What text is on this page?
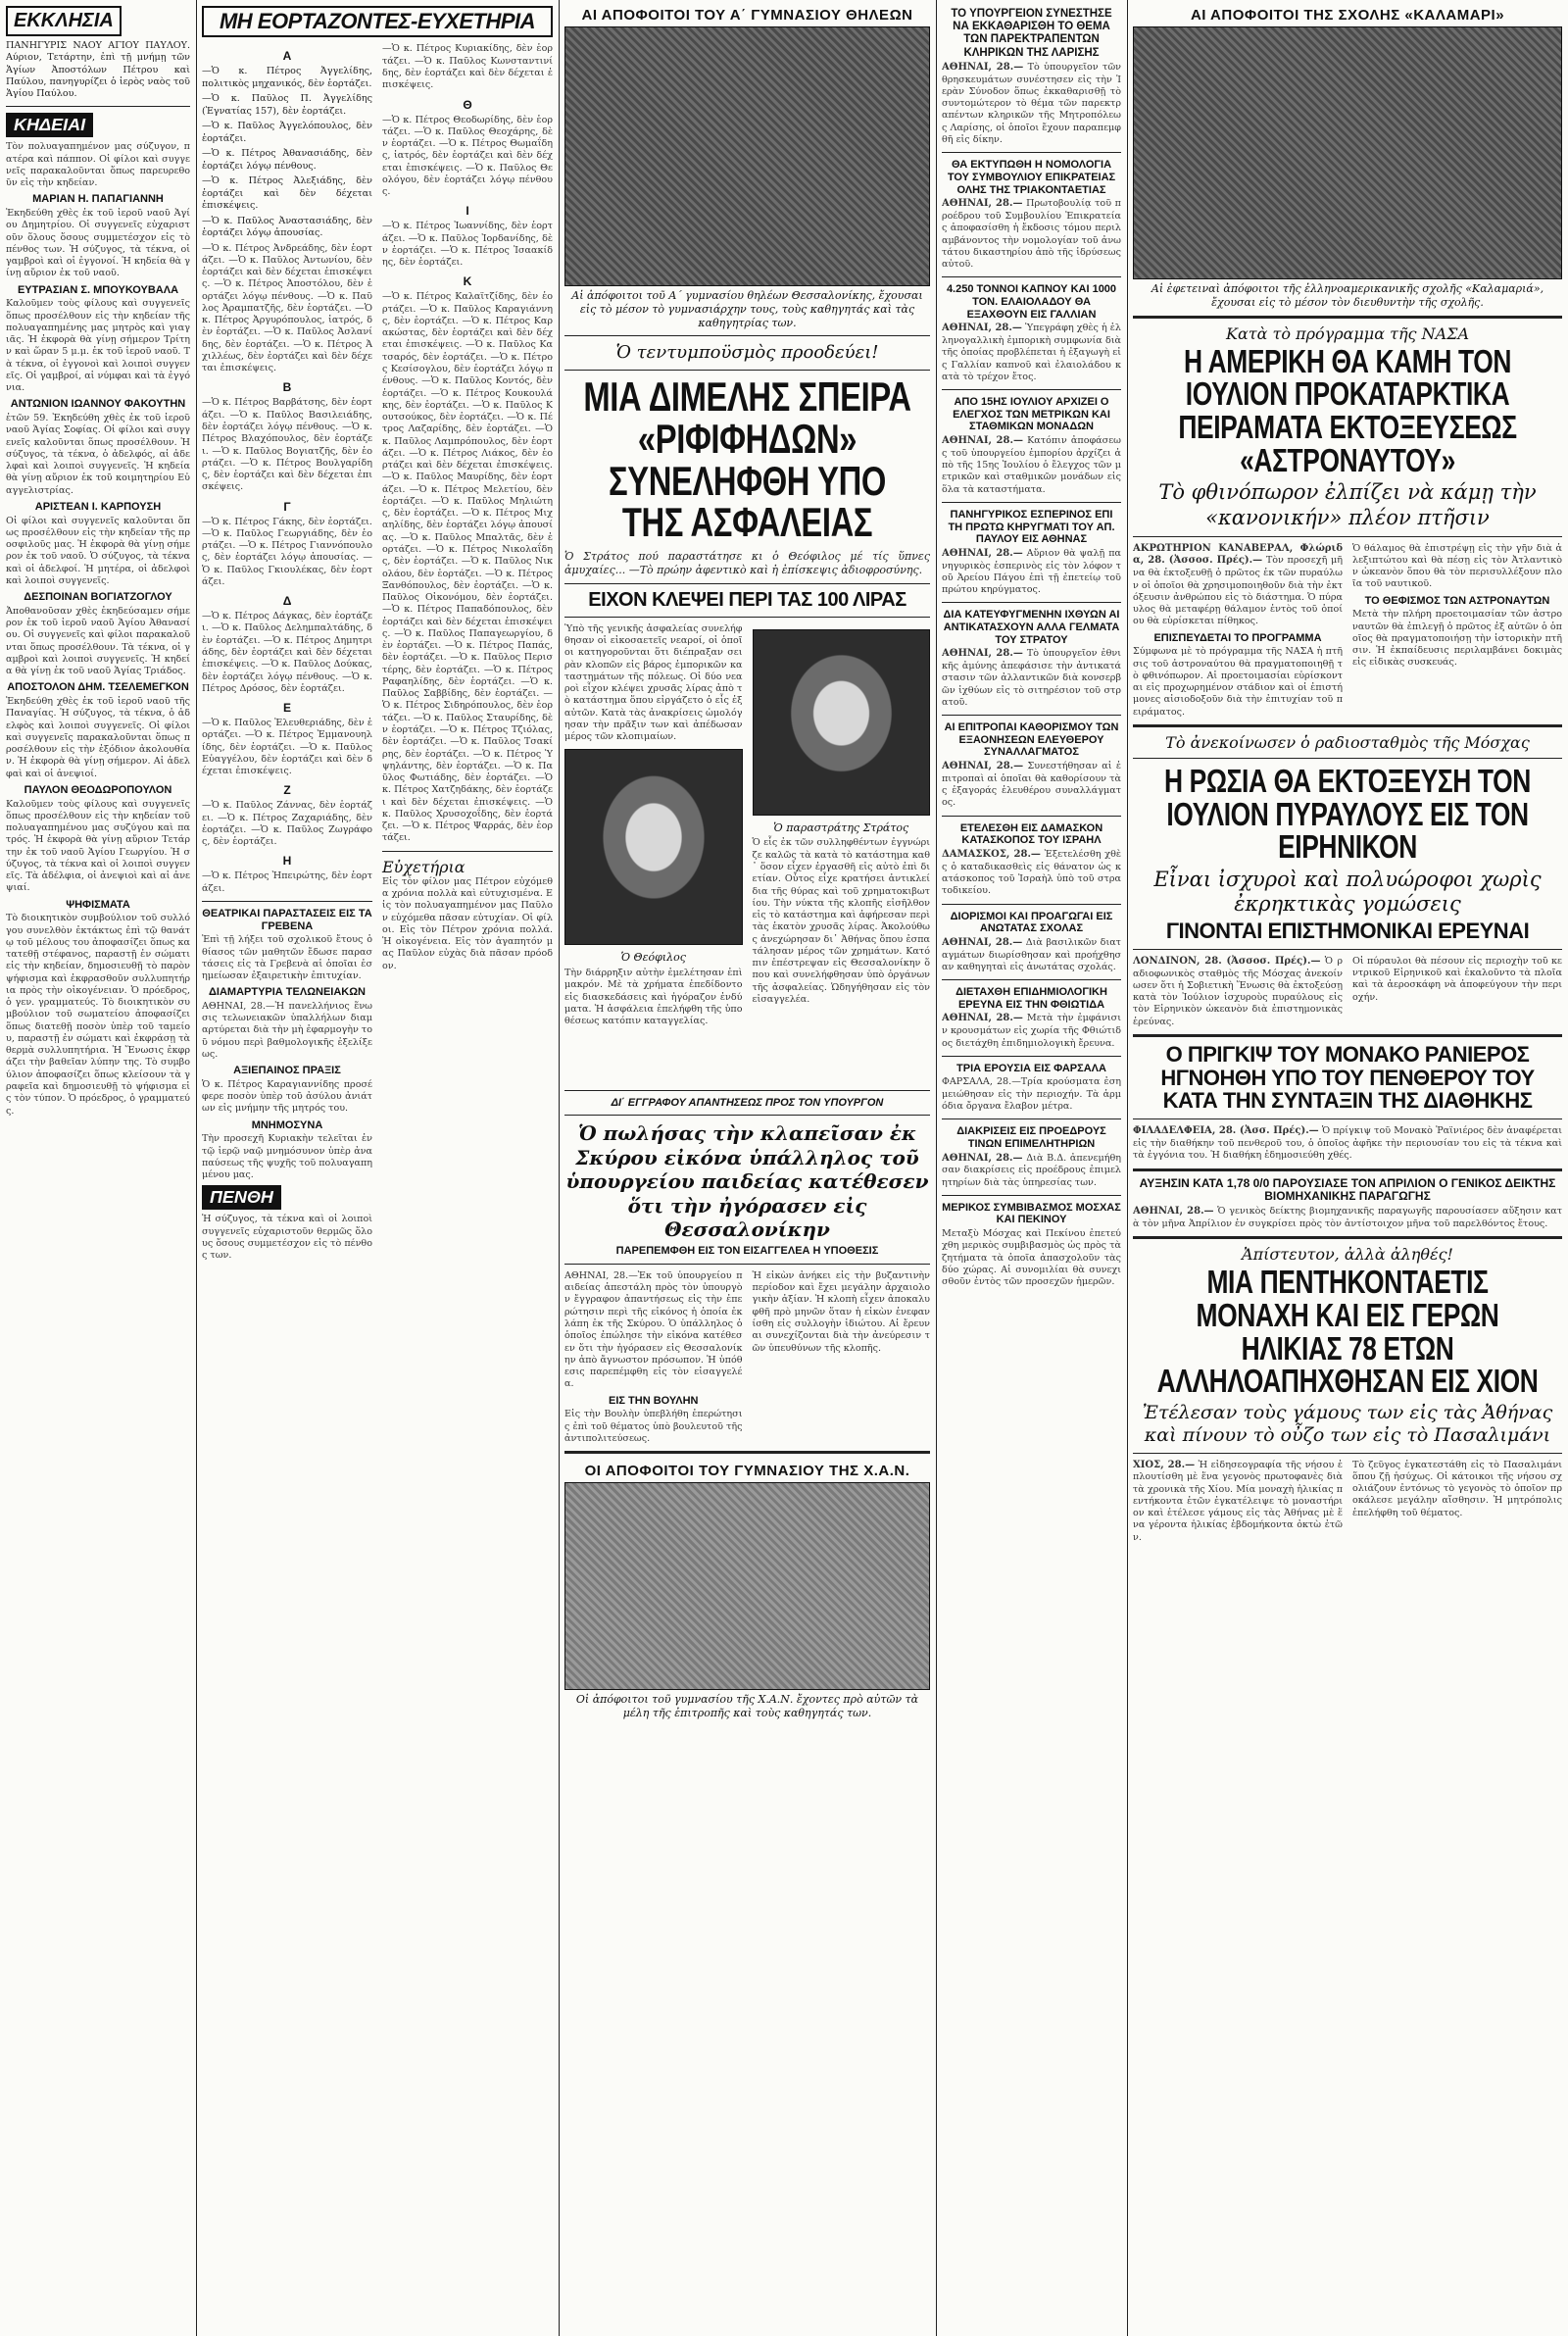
ΕΚΚΛΗΣΙΑ
ΠΑΝΗΓΥΡΙΣ ΝΑΟΥ ΑΓΙΟΥ ΠΑΥΛΟΥ. Αύριον, Τετάρτην, ἐπὶ τῇ μνήμῃ τῶν Ἁγίων Ἀποστόλων Πέτρου καὶ Παύλου, πανηγυρίζει ὁ ἱερὸς ναὸς τοῦ Ἁγίου Παύλου.
ΚΗΔΕΙΑΙ
Τὸν πολυαγαπημένον μας σύζυγον, πατέρα καὶ πάππον. Οἱ φίλοι καὶ συγγενεῖς παρακαλοῦνται ὅπως παρευρεθοῦν εἰς τὴν κηδείαν.
ΜΑΡΙΑΝ Η. ΠΑΠΑΓΙΑΝΝΗ
Ἐκηδεύθη χθὲς ἐκ τοῦ ἱεροῦ ναοῦ Ἁγίου Δημητρίου. Οἱ συγγενεῖς εὐχαριστοῦν ὅλους ὅσους συμμετέσχον εἰς τὸ πένθος των. Ἡ σύζυγος, τὰ τέκνα, οἱ γαμβροὶ καὶ οἱ ἐγγονοί. Ἡ κηδεία θὰ γίνῃ αὔριον ἐκ τοῦ ναοῦ.
ΕΥΤΡΑΣΙΑΝ Σ. ΜΠΟΥΚΟΥΒΑΛΑ
Καλοῦμεν τοὺς φίλους καὶ συγγενεῖς ὅπως προσέλθουν εἰς τὴν κηδείαν τῆς πολυαγαπημένης μας μητρὸς καὶ γιαγιᾶς. Ἡ ἐκφορὰ θὰ γίνῃ σήμερον Τρίτην καὶ ὥραν 5 μ.μ. ἐκ τοῦ ἱεροῦ ναοῦ. Τὰ τέκνα, οἱ ἐγγονοὶ καὶ λοιποὶ συγγενεῖς. Οἱ γαμβροί, αἱ νύμφαι καὶ τὰ ἐγγόνια.
ΑΝΤΩΝΙΟΝ ΙΩΑΝΝΟΥ ΦΑΚΟΥΤΗΝ
ἐτῶν 59. Ἐκηδεύθη χθὲς ἐκ τοῦ ἱεροῦ ναοῦ Ἁγίας Σοφίας. Οἱ φίλοι καὶ συγγενεῖς καλοῦνται ὅπως προσέλθουν. Ἡ σύζυγος, τὰ τέκνα, ὁ ἀδελφός, αἱ ἀδελφαὶ καὶ λοιποὶ συγγενεῖς. Ἡ κηδεία θὰ γίνῃ αὔριον ἐκ τοῦ κοιμητηρίου Εὐαγγελιστρίας.
ΑΡΙΣΤΕΑΝ Ι. ΚΑΡΠΟΥΣΗ
Οἱ φίλοι καὶ συγγενεῖς καλοῦνται ὅπως προσέλθουν εἰς τὴν κηδείαν τῆς προσφιλοῦς μας. Ἡ ἐκφορὰ θὰ γίνῃ σήμερον ἐκ τοῦ ναοῦ. Ὁ σύζυγος, τὰ τέκνα καὶ οἱ ἀδελφοί. Ἡ μητέρα, οἱ ἀδελφοὶ καὶ λοιποὶ συγγενεῖς.
ΔΕΣΠΟΙΝΑΝ ΒΟΓΙΑΤΖΟΓΛΟΥ
Ἀποθανοῦσαν χθὲς ἐκηδεύσαμεν σήμερον ἐκ τοῦ ἱεροῦ ναοῦ Ἁγίου Ἀθανασίου. Οἱ συγγενεῖς καὶ φίλοι παρακαλοῦνται ὅπως προσέλθουν. Τὰ τέκνα, οἱ γαμβροὶ καὶ λοιποὶ συγγενεῖς. Ἡ κηδεία θὰ γίνῃ ἐκ τοῦ ναοῦ Ἁγίας Τριάδος.
ΑΠΟΣΤΟΛΟΝ ΔΗΜ. ΤΣΕΛΕΜΕΓΚΟΝ
Ἐκηδεύθη χθὲς ἐκ τοῦ ἱεροῦ ναοῦ τῆς Παναγίας. Ἡ σύζυγος, τὰ τέκνα, ὁ ἀδελφὸς καὶ λοιποὶ συγγενεῖς. Οἱ φίλοι καὶ συγγενεῖς παρακαλοῦνται ὅπως προσέλθουν εἰς τὴν ἐξόδιον ἀκολουθίαν. Ἡ ἐκφορὰ θὰ γίνῃ σήμερον. Αἱ ἀδελφαὶ καὶ οἱ ἀνεψιοί.
ΠΑΥΛΟΝ ΘΕΟΔΩΡΟΠΟΥΛΟΝ
Καλοῦμεν τοὺς φίλους καὶ συγγενεῖς ὅπως προσέλθουν εἰς τὴν κηδείαν τοῦ πολυαγαπημένου μας συζύγου καὶ πατρός. Ἡ ἐκφορὰ θὰ γίνῃ αὔριον Τετάρτην ἐκ τοῦ ναοῦ Ἁγίου Γεωργίου. Ἡ σύζυγος, τὰ τέκνα καὶ οἱ λοιποὶ συγγενεῖς. Τὰ ἀδέλφια, οἱ ἀνεψιοὶ καὶ αἱ ἀνεψιαί.
ΨΗΦΙΣΜΑΤΑ
Τὸ διοικητικὸν συμβούλιον τοῦ συλλόγου συνελθὸν ἐκτάκτως ἐπὶ τῷ θανάτῳ τοῦ μέλους του ἀποφασίζει ὅπως κατατεθῇ στέφανος, παραστῇ ἐν σώματι εἰς τὴν κηδείαν, δημοσιευθῇ τὸ παρὸν ψήφισμα καὶ ἐκφρασθοῦν συλλυπητήρια πρὸς τὴν οἰκογένειαν. Ὁ πρόεδρος, ὁ γεν. γραμματεύς. Τὸ διοικητικὸν συμβούλιον τοῦ σωματείου ἀποφασίζει ὅπως διατεθῇ ποσὸν ὑπὲρ τοῦ ταμείου, παραστῇ ἐν σώματι καὶ ἐκφράσῃ τὰ θερμὰ συλλυπητήρια. Ἡ Ἕνωσις ἐκφράζει τὴν βαθεῖαν λύπην της. Τὸ συμβούλιον ἀποφασίζει ὅπως κλείσουν τὰ γραφεῖα καὶ δημοσιευθῇ τὸ ψήφισμα εἰς τὸν τύπον. Ὁ πρόεδρος, ὁ γραμματεύς.
ΜΗ ΕΟΡΤΑΖΟΝΤΕΣ-ΕΥΧΕΤΗΡΙΑ
Α
—Ὁ κ. Πέτρος Ἀγγελίδης, πολιτικὸς μηχανικός, δὲν ἑορτάζει.
—Ὁ κ. Παῦλος Π. Ἀγγελίδης (Ἐγνατίας 157), δὲν ἑορτάζει.
—Ὁ κ. Παῦλος Ἀγγελόπουλος, δὲν ἑορτάζει.
—Ὁ κ. Πέτρος Ἀθανασιάδης, δὲν ἑορτάζει λόγῳ πένθους.
—Ὁ κ. Πέτρος Ἀλεξιάδης, δὲν ἑορτάζει καὶ δὲν δέχεται ἐπισκέψεις.
—Ὁ κ. Παῦλος Ἀναστασιάδης, δὲν ἑορτάζει λόγῳ ἀπουσίας.
—Ὁ κ. Πέτρος Ἀνδρεάδης, δὲν ἑορτάζει. —Ὁ κ. Παῦλος Ἀντωνίου, δὲν ἑορτάζει καὶ δὲν δέχεται ἐπισκέψεις. —Ὁ κ. Πέτρος Ἀποστόλου, δὲν ἑορτάζει λόγῳ πένθους. —Ὁ κ. Παῦλος Ἀραμπατζῆς, δὲν ἑορτάζει. —Ὁ κ. Πέτρος Ἀργυρόπουλος, ἰατρός, δὲν ἑορτάζει. —Ὁ κ. Παῦλος Ἀσλανίδης, δὲν ἑορτάζει. —Ὁ κ. Πέτρος Ἀχιλλέως, δὲν ἑορτάζει καὶ δὲν δέχεται ἐπισκέψεις.
Β
—Ὁ κ. Πέτρος Βαρβάτσης, δὲν ἑορτάζει. —Ὁ κ. Παῦλος Βασιλειάδης, δὲν ἑορτάζει λόγῳ πένθους. —Ὁ κ. Πέτρος Βλαχόπουλος, δὲν ἑορτάζει. —Ὁ κ. Παῦλος Βογιατζῆς, δὲν ἑορτάζει. —Ὁ κ. Πέτρος Βουλγαρίδης, δὲν ἑορτάζει καὶ δὲν δέχεται ἐπισκέψεις.
Γ
—Ὁ κ. Πέτρος Γάκης, δὲν ἑορτάζει. —Ὁ κ. Παῦλος Γεωργιάδης, δὲν ἑορτάζει. —Ὁ κ. Πέτρος Γιαννόπουλος, δὲν ἑορτάζει λόγῳ ἀπουσίας. —Ὁ κ. Παῦλος Γκιουλέκας, δὲν ἑορτάζει.
Δ
—Ὁ κ. Πέτρος Δάγκας, δὲν ἑορτάζει. —Ὁ κ. Παῦλος Δελημπαλτάδης, δὲν ἑορτάζει. —Ὁ κ. Πέτρος Δημητριάδης, δὲν ἑορτάζει καὶ δὲν δέχεται ἐπισκέψεις. —Ὁ κ. Παῦλος Δούκας, δὲν ἑορτάζει λόγῳ πένθους. —Ὁ κ. Πέτρος Δρόσος, δὲν ἑορτάζει.
Ε
—Ὁ κ. Παῦλος Ἐλευθεριάδης, δὲν ἑορτάζει. —Ὁ κ. Πέτρος Ἐμμανουηλίδης, δὲν ἑορτάζει. —Ὁ κ. Παῦλος Εὐαγγέλου, δὲν ἑορτάζει καὶ δὲν δέχεται ἐπισκέψεις.
Ζ
—Ὁ κ. Παῦλος Ζάννας, δὲν ἑορτάζει. —Ὁ κ. Πέτρος Ζαχαριάδης, δὲν ἑορτάζει. —Ὁ κ. Παῦλος Ζωγράφος, δὲν ἑορτάζει.
Η
—Ὁ κ. Πέτρος Ἠπειρώτης, δὲν ἑορτάζει.
ΘΕΑΤΡΙΚΑΙ ΠΑΡΑΣΤΑΣΕΙΣ ΕΙΣ ΤΑ ΓΡΕΒΕΝΑ
Ἐπὶ τῇ λήξει τοῦ σχολικοῦ ἔτους ὁ θίασος τῶν μαθητῶν ἔδωσε παραστάσεις εἰς τὰ Γρεβενὰ αἱ ὁποῖαι ἐσημείωσαν ἐξαιρετικὴν ἐπιτυχίαν.
ΔΙΑΜΑΡΤΥΡΙΑ ΤΕΛΩΝΕΙΑΚΩΝ
ΑΘΗΝΑΙ, 28.—Ἡ πανελλήνιος ἕνωσις τελωνειακῶν ὑπαλλήλων διαμαρτύρεται διὰ τὴν μὴ ἐφαρμογὴν τοῦ νόμου περὶ βαθμολογικῆς ἐξελίξεως.
ΑΞΙΕΠΑΙΝΟΣ ΠΡΑΞΙΣ
Ὁ κ. Πέτρος Καραγιαννίδης προσέφερε ποσὸν ὑπὲρ τοῦ ἀσύλου ἀνιάτων εἰς μνήμην τῆς μητρός του.
ΜΝΗΜΟΣΥΝΑ
Τὴν προσεχῆ Κυριακὴν τελεῖται ἐν τῷ ἱερῷ ναῷ μνημόσυνον ὑπὲρ ἀναπαύσεως τῆς ψυχῆς τοῦ πολυαγαπημένου μας.
ΠΕΝΘΗ
Ἡ σύζυγος, τὰ τέκνα καὶ οἱ λοιποὶ συγγενεῖς εὐχαριστοῦν θερμῶς ὅλους ὅσους συμμετέσχον εἰς τὸ πένθος των.
—Ὁ κ. Πέτρος Κυριακίδης, δὲν ἑορτάζει. —Ὁ κ. Παῦλος Κωνσταντινίδης, δὲν ἑορτάζει καὶ δὲν δέχεται ἐπισκέψεις.
Θ
—Ὁ κ. Πέτρος Θεοδωρίδης, δὲν ἑορτάζει. —Ὁ κ. Παῦλος Θεοχάρης, δὲν ἑορτάζει. —Ὁ κ. Πέτρος Θωμαΐδης, ἰατρός, δὲν ἑορτάζει καὶ δὲν δέχεται ἐπισκέψεις. —Ὁ κ. Παῦλος Θεολόγου, δὲν ἑορτάζει λόγῳ πένθους.
Ι
—Ὁ κ. Πέτρος Ἰωαννίδης, δὲν ἑορτάζει. —Ὁ κ. Παῦλος Ἰορδανίδης, δὲν ἑορτάζει. —Ὁ κ. Πέτρος Ἰσαακίδης, δὲν ἑορτάζει.
Κ
—Ὁ κ. Πέτρος Καλαϊτζίδης, δὲν ἑορτάζει. —Ὁ κ. Παῦλος Καραγιάννης, δὲν ἑορτάζει. —Ὁ κ. Πέτρος Καρακώστας, δὲν ἑορτάζει καὶ δὲν δέχεται ἐπισκέψεις. —Ὁ κ. Παῦλος Κατσαρός, δὲν ἑορτάζει. —Ὁ κ. Πέτρος Κεσίσογλου, δὲν ἑορτάζει λόγῳ πένθους. —Ὁ κ. Παῦλος Κοντός, δὲν ἑορτάζει. —Ὁ κ. Πέτρος Κουκουλάκης, δὲν ἑορτάζει. —Ὁ κ. Παῦλος Κουτσούκος, δὲν ἑορτάζει. —Ὁ κ. Πέτρος Λαζαρίδης, δὲν ἑορτάζει. —Ὁ κ. Παῦλος Λαμπρόπουλος, δὲν ἑορτάζει. —Ὁ κ. Πέτρος Λιάκος, δὲν ἑορτάζει καὶ δὲν δέχεται ἐπισκέψεις. —Ὁ κ. Παῦλος Μαυρίδης, δὲν ἑορτάζει. —Ὁ κ. Πέτρος Μελετίου, δὲν ἑορτάζει. —Ὁ κ. Παῦλος Μηλιώτης, δὲν ἑορτάζει. —Ὁ κ. Πέτρος Μιχαηλίδης, δὲν ἑορτάζει λόγῳ ἀπουσίας. —Ὁ κ. Παῦλος Μπαλτᾶς, δὲν ἑορτάζει. —Ὁ κ. Πέτρος Νικολαΐδης, δὲν ἑορτάζει. —Ὁ κ. Παῦλος Νικολάου, δὲν ἑορτάζει. —Ὁ κ. Πέτρος Ξανθόπουλος, δὲν ἑορτάζει. —Ὁ κ. Παῦλος Οἰκονόμου, δὲν ἑορτάζει. —Ὁ κ. Πέτρος Παπαδόπουλος, δὲν ἑορτάζει καὶ δὲν δέχεται ἐπισκέψεις. —Ὁ κ. Παῦλος Παπαγεωργίου, δὲν ἑορτάζει. —Ὁ κ. Πέτρος Παπάς, δὲν ἑορτάζει. —Ὁ κ. Παῦλος Περιστέρης, δὲν ἑορτάζει. —Ὁ κ. Πέτρος Ραφαηλίδης, δὲν ἑορτάζει. —Ὁ κ. Παῦλος Σαββίδης, δὲν ἑορτάζει. —Ὁ κ. Πέτρος Σιδηρόπουλος, δὲν ἑορτάζει. —Ὁ κ. Παῦλος Σταυρίδης, δὲν ἑορτάζει. —Ὁ κ. Πέτρος Τζιόλας, δὲν ἑορτάζει. —Ὁ κ. Παῦλος Τσακίρης, δὲν ἑορτάζει. —Ὁ κ. Πέτρος Ὑψηλάντης, δὲν ἑορτάζει. —Ὁ κ. Παῦλος Φωτιάδης, δὲν ἑορτάζει. —Ὁ κ. Πέτρος Χατζηδάκης, δὲν ἑορτάζει καὶ δὲν δέχεται ἐπισκέψεις. —Ὁ κ. Παῦλος Χρυσοχοΐδης, δὲν ἑορτάζει. —Ὁ κ. Πέτρος Ψαρράς, δὲν ἑορτάζει.
Εὐχετήρια
Εἰς τὸν φίλον μας Πέτρον εὐχόμεθα χρόνια πολλὰ καὶ εὐτυχισμένα. Εἰς τὸν πολυαγαπημένον μας Παῦλον εὐχόμεθα πᾶσαν εὐτυχίαν. Οἱ φίλοι. Εἰς τὸν Πέτρον χρόνια πολλά. Ἡ οἰκογένεια. Εἰς τὸν ἀγαπητόν μας Παῦλον εὐχὰς διὰ πᾶσαν πρόοδον.
ΑΙ ΑΠΟΦΟΙΤΟΙ ΤΟΥ Α΄ ΓΥΜΝΑΣΙΟΥ ΘΗΛΕΩΝ
Αἱ ἀπόφοιτοι τοῦ Α΄ γυμνασίου θηλέων Θεσσαλονίκης, ἔχουσαι εἰς τὸ μέσον τὸ γυμνασιάρχην τους, τοὺς καθηγητάς καὶ τὰς καθηγητρίας των.
Ὁ τεντυμποϋσμὸς προοδεύει!
ΜΙΑ ΔΙΜΕΛΗΣ ΣΠΕΙΡΑ «ΡΙΦΙΦΗΔΩΝ» ΣΥΝΕΛΗΦΘΗ ΥΠΟ ΤΗΣ ΑΣΦΑΛΕΙΑΣ
Ὁ Στράτος πού παραστάτησε κι ὁ Θεόφιλος μέ τίς ὕπνες ἀμυχαίες... —Τὸ πρώην ἀφεντικὸ καὶ ἡ ἐπίσκεψις ἀδιοφροσύνης.
ΕΙΧΟΝ ΚΛΕΨΕΙ ΠΕΡΙ ΤΑΣ 100 ΛΙΡΑΣ
Ὑπὸ τῆς γενικῆς ἀσφαλείας συνελήφθησαν οἱ εἰκοσαετεῖς νεαροί, οἱ ὁποῖοι κατηγοροῦνται ὅτι διέπραξαν σειρὰν κλοπῶν εἰς βάρος ἐμπορικῶν καταστημάτων τῆς πόλεως. Οἱ δύο νεαροὶ εἶχον κλέψει χρυσᾶς λίρας ἀπὸ τὸ κατάστημα ὅπου εἰργάζετο ὁ εἷς ἐξ αὐτῶν. Κατὰ τὰς ἀνακρίσεις ὡμολόγησαν τὴν πρᾶξιν των καὶ ἀπέδωσαν μέρος τῶν κλοπιμαίων.
Ὁ Θεόφιλος
Τὴν διάρρηξιν αὐτὴν ἐμελέτησαν ἐπὶ μακρόν. Μὲ τὰ χρήματα ἐπεδίδοντο εἰς διασκεδάσεις καὶ ἠγόραζον ἐνδύματα. Ἡ ἀσφάλεια ἐπελήφθη τῆς ὑποθέσεως κατόπιν καταγγελίας.
Ὁ παραστράτης Στράτος
Ὁ εἷς ἐκ τῶν συλληφθέντων ἐγγνώριζε καλῶς τὰ κατὰ τὸ κατάστημα καθ᾽ ὅσον εἶχεν ἐργασθῆ εἰς αὐτὸ ἐπὶ διετίαν. Οὗτος εἶχε κρατήσει ἀντικλείδια τῆς θύρας καὶ τοῦ χρηματοκιβωτίου. Τὴν νύκτα τῆς κλοπῆς εἰσῆλθον εἰς τὸ κατάστημα καὶ ἀφήρεσαν περὶ τὰς ἑκατὸν χρυσᾶς λίρας. Ἀκολούθως ἀνεχώρησαν δι᾽ Ἀθήνας ὅπου ἐσπατάλησαν μέρος τῶν χρημάτων. Κατόπιν ἐπέστρεψαν εἰς Θεσσαλονίκην ὅπου καὶ συνελήφθησαν ὑπὸ ὀργάνων τῆς ἀσφαλείας. Ὡδηγήθησαν εἰς τὸν εἰσαγγελέα.
ΔΙ΄ ΕΓΓΡΑΦΟΥ ΑΠΑΝΤΗΣΕΩΣ ΠΡΟΣ ΤΟΝ ΥΠΟΥΡΓΟΝ
Ὁ πωλήσας τὴν κλαπεῖσαν ἐκ Σκύρου εἰκόνα ὑπάλληλος τοῦ ὑπουργείου παιδείας κατέθεσεν ὅτι τὴν ἠγόρασεν εἰς Θεσσαλονίκην
ΠΑΡΕΠΕΜΦΘΗ ΕΙΣ ΤΟΝ ΕΙΣΑΓΓΕΛΕΑ Η ΥΠΟΘΕΣΙΣ
ΑΘΗΝΑΙ, 28.—Ἐκ τοῦ ὑπουργείου παιδείας ἀπεστάλη πρὸς τὸν ὑπουργὸν ἔγγραφον ἀπαντήσεως εἰς τὴν ἐπερώτησιν περὶ τῆς εἰκόνος ἡ ὁποία ἐκλάπη ἐκ τῆς Σκύρου. Ὁ ὑπάλληλος ὁ ὁποῖος ἐπώλησε τὴν εἰκόνα κατέθεσεν ὅτι τὴν ἠγόρασεν εἰς Θεσσαλονίκην ἀπὸ ἄγνωστον πρόσωπον. Ἡ ὑπόθεσις παρεπέμφθη εἰς τὸν εἰσαγγελέα.
ΕΙΣ ΤΗΝ ΒΟΥΛΗΝ
Εἰς τὴν Βουλὴν ὑπεβλήθη ἐπερώτησις ἐπὶ τοῦ θέματος ὑπὸ βουλευτοῦ τῆς ἀντιπολιτεύσεως.
Ἡ εἰκὼν ἀνήκει εἰς τὴν βυζαντινὴν περίοδον καὶ ἔχει μεγάλην ἀρχαιολογικὴν ἀξίαν. Ἡ κλοπὴ εἶχεν ἀποκαλυφθῆ πρὸ μηνῶν ὅταν ἡ εἰκὼν ἐνεφανίσθη εἰς συλλογὴν ἰδιώτου. Αἱ ἔρευναι συνεχίζονται διὰ τὴν ἀνεύρεσιν τῶν ὑπευθύνων τῆς κλοπῆς.
ΟΙ ΑΠΟΦΟΙΤΟΙ ΤΟΥ ΓΥΜΝΑΣΙΟΥ ΤΗΣ Χ.Α.Ν.
Οἱ ἀπόφοιτοι τοῦ γυμνασίου τῆς Χ.Α.Ν. ἔχοντες πρὸ αὐτῶν τὰ μέλη τῆς ἐπιτροπῆς καὶ τοὺς καθηγητάς των.
ΤΟ ΥΠΟΥΡΓΕΙΟΝ ΣΥΝΕΣΤΗΣΕ ΝΑ ΕΚΚΑΘΑΡΙΣΘΗ ΤΟ ΘΕΜΑ ΤΩΝ ΠΑΡΕΚΤΡΑΠΕΝΤΩΝ ΚΛΗΡΙΚΩΝ ΤΗΣ ΛΑΡΙΣΗΣ
ΑΘΗΝΑΙ, 28.— Τὸ ὑπουργεῖον τῶν θρησκευμάτων συνέστησεν εἰς τὴν Ἱερὰν Σύνοδον ὅπως ἐκκαθαρισθῇ τὸ συντομώτερον τὸ θέμα τῶν παρεκτραπέντων κληρικῶν τῆς Μητροπόλεως Λαρίσης, οἱ ὁποῖοι ἔχουν παραπεμφθῆ εἰς δίκην.
ΘΑ ΕΚΤΥΠΩΘΗ Η ΝΟΜΟΛΟΓΙΑ ΤΟΥ ΣΥΜΒΟΥΛΙΟΥ ΕΠΙΚΡΑΤΕΙΑΣ ΟΛΗΣ ΤΗΣ ΤΡΙΑΚΟΝΤΑΕΤΙΑΣ
ΑΘΗΝΑΙ, 28.— Πρωτοβουλίᾳ τοῦ προέδρου τοῦ Συμβουλίου Ἐπικρατείας ἀποφασίσθη ἡ ἔκδοσις τόμου περιλαμβάνοντος τὴν νομολογίαν τοῦ ἀνωτάτου δικαστηρίου ἀπὸ τῆς ἱδρύσεως αὐτοῦ.
4.250 ΤΟΝΝΟΙ ΚΑΠΝΟΥ ΚΑΙ 1000 ΤΟΝ. ΕΛΑΙΟΛΑΔΟΥ ΘΑ ΕΞΑΧΘΟΥΝ ΕΙΣ ΓΑΛΛΙΑΝ
ΑΘΗΝΑΙ, 28.— Ὑπεγράφη χθὲς ἡ ἑλληνογαλλικὴ ἐμπορικὴ συμφωνία διὰ τῆς ὁποίας προβλέπεται ἡ ἐξαγωγὴ εἰς Γαλλίαν καπνοῦ καὶ ἐλαιολάδου κατὰ τὸ τρέχον ἔτος.
ΑΠΟ 15ΗΣ ΙΟΥΛΙΟΥ ΑΡΧΙΖΕΙ Ο ΕΛΕΓΧΟΣ ΤΩΝ ΜΕΤΡΙΚΩΝ ΚΑΙ ΣΤΑΘΜΙΚΩΝ ΜΟΝΑΔΩΝ
ΑΘΗΝΑΙ, 28.— Κατόπιν ἀποφάσεως τοῦ ὑπουργείου ἐμπορίου ἀρχίζει ἀπὸ τῆς 15ης Ἰουλίου ὁ ἔλεγχος τῶν μετρικῶν καὶ σταθμικῶν μονάδων εἰς ὅλα τὰ καταστήματα.
ΠΑΝΗΓΥΡΙΚΟΣ ΕΣΠΕΡΙΝΟΣ ΕΠΙ ΤΗ ΠΡΩΤΩ ΚΗΡΥΓΜΑΤΙ ΤΟΥ ΑΠ. ΠΑΥΛΟΥ ΕΙΣ ΑΘΗΝΑΣ
ΑΘΗΝΑΙ, 28.— Αὔριον θὰ ψαλῇ πανηγυρικὸς ἑσπερινὸς εἰς τὸν λόφον τοῦ Ἀρείου Πάγου ἐπὶ τῇ ἐπετείῳ τοῦ πρώτου κηρύγματος.
ΔΙΑ ΚΑΤΕΥΦΥΓΜΕΝΗΝ ΙΧΘΥΩΝ ΑΙ ΑΝΤΙΚΑΤΑΣΧΟΥΝ ΑΛΛΑ ΓΕΛΜΑΤΑ ΤΟΥ ΣΤΡΑΤΟΥ
ΑΘΗΝΑΙ, 28.— Τὸ ὑπουργεῖον ἐθνικῆς ἀμύνης ἀπεφάσισε τὴν ἀντικατάστασιν τῶν ἀλλαντικῶν διὰ κονσερβῶν ἰχθύων εἰς τὸ σιτηρέσιον τοῦ στρατοῦ.
ΑΙ ΕΠΙΤΡΟΠΑΙ ΚΑΘΟΡΙΣΜΟΥ ΤΩΝ ΕΞΑΟΝΗΣΕΩΝ ΕΛΕΥΘΕΡΟΥ ΣΥΝΑΛΛΑΓΜΑΤΟΣ
ΑΘΗΝΑΙ, 28.— Συνεστήθησαν αἱ ἐπιτροπαὶ αἱ ὁποῖαι θὰ καθορίσουν τὰς ἐξαγοράς ἐλευθέρου συναλλάγματος.
ΕΤΕΛΕΣΘΗ ΕΙΣ ΔΑΜΑΣΚΟΝ ΚΑΤΑΣΚΟΠΟΣ ΤΟΥ ΙΣΡΑΗΛ
ΔΑΜΑΣΚΟΣ, 28.— Ἐξετελέσθη χθὲς ὁ καταδικασθεὶς εἰς θάνατον ὡς κατάσκοπος τοῦ Ἰσραὴλ ὑπὸ τοῦ στρατοδικείου.
ΔΙΟΡΙΣΜΟΙ ΚΑΙ ΠΡΟΑΓΩΓΑΙ ΕΙΣ ΑΝΩΤΑΤΑΣ ΣΧΟΛΑΣ
ΑΘΗΝΑΙ, 28.— Διὰ βασιλικῶν διαταγμάτων διωρίσθησαν καὶ προήχθησαν καθηγηταὶ εἰς ἀνωτάτας σχολάς.
ΔΙΕΤΑΧΘΗ ΕΠΙΔΗΜΙΟΛΟΓΙΚΗ ΕΡΕΥΝΑ ΕΙΣ ΤΗΝ ΦΘΙΩΤΙΔΑ
ΑΘΗΝΑΙ, 28.— Μετὰ τὴν ἐμφάνισιν κρουσμάτων εἰς χωρία τῆς Φθιώτιδος διετάχθη ἐπιδημιολογικὴ ἔρευνα.
ΤΡΙΑ ΕΡΟΥΣΙΑ ΕΙΣ ΦΑΡΣΑΛΑ
ΦΑΡΣΑΛΑ, 28.—Τρία κρούσματα ἐσημειώθησαν εἰς τὴν περιοχήν. Τὰ ἁρμόδια ὄργανα ἔλαβον μέτρα.
ΔΙΑΚΡΙΣΕΙΣ ΕΙΣ ΠΡΟΕΔΡΟΥΣ ΤΙΝΩΝ ΕΠΙΜΕΛΗΤΗΡΙΩΝ
ΑΘΗΝΑΙ, 28.— Διὰ Β.Δ. ἀπενεμήθησαν διακρίσεις εἰς προέδρους ἐπιμελητηρίων διὰ τὰς ὑπηρεσίας των.
ΜΕΡΙΚΟΣ ΣΥΜΒΙΒΑΣΜΟΣ ΜΟΣΧΑΣ ΚΑΙ ΠΕΚΙΝΟΥ
Μεταξὺ Μόσχας καὶ Πεκίνου ἐπετεύχθη μερικὸς συμβιβασμὸς ὡς πρὸς τὰ ζητήματα τὰ ὁποῖα ἀπασχολοῦν τὰς δύο χώρας. Αἱ συνομιλίαι θὰ συνεχισθοῦν ἐντὸς τῶν προσεχῶν ἡμερῶν.
ΑΙ ΑΠΟΦΟΙΤΟΙ ΤΗΣ ΣΧΟΛΗΣ «ΚΑΛΑΜΑΡΙ»
Αἱ ἐφετειναὶ ἀπόφοιτοι τῆς ἑλληνοαμερικανικῆς σχολῆς «Καλαμαριά», ἔχουσαι εἰς τὸ μέσον τὸν διευθυντὴν τῆς σχολῆς.
Κατὰ τὸ πρόγραμμα τῆς ΝΑΣΑ
Η ΑΜΕΡΙΚΗ ΘΑ ΚΑΜΗ ΤΟΝ ΙΟΥΛΙΟΝ ΠΡΟΚΑΤΑΡΚΤΙΚΑ ΠΕΙΡΑΜΑΤΑ ΕΚΤΟΞΕΥΣΕΩΣ «ΑΣΤΡΟΝΑΥΤΟΥ»
Τὸ φθινόπωρον ἐλπίζει νὰ κάμῃ τὴν «κανονικήν» πλέον πτῆσιν
ΑΚΡΩΤΗΡΙΟΝ ΚΑΝΑΒΕΡΑΛ, Φλώριδα, 28. (Ἀσσοσ. Πρές).— Τὸν προσεχῆ μῆνα θὰ ἐκτοξευθῇ ὁ πρῶτος ἐκ τῶν πυραύλων οἱ ὁποῖοι θὰ χρησιμοποιηθοῦν διὰ τὴν ἐκτόξευσιν ἀνθρώπου εἰς τὸ διάστημα. Ὁ πύραυλος θὰ μεταφέρῃ θάλαμον ἐντὸς τοῦ ὁποίου θὰ εὑρίσκεται πίθηκος.
ΕΠΙΣΠΕΥΔΕΤΑΙ ΤΟ ΠΡΟΓΡΑΜΜΑ
Σύμφωνα μὲ τὸ πρόγραμμα τῆς ΝΑΣΑ ἡ πτῆσις τοῦ ἀστροναύτου θὰ πραγματοποιηθῇ τὸ φθινόπωρον. Αἱ προετοιμασίαι εὑρίσκονται εἰς προχωρημένον στάδιον καὶ οἱ ἐπιστήμονες αἰσιοδοξοῦν διὰ τὴν ἐπιτυχίαν τοῦ πειράματος.
Ὁ θάλαμος θὰ ἐπιστρέψῃ εἰς τὴν γῆν διὰ ἀλεξιπτώτου καὶ θὰ πέσῃ εἰς τὸν Ἀτλαντικὸν ὠκεανὸν ὅπου θὰ τὸν περισυλλέξουν πλοῖα τοῦ ναυτικοῦ.
ΤΟ ΘΕΦΙΣΜΟΣ ΤΩΝ ΑΣΤΡΟΝΑΥΤΩΝ
Μετὰ τὴν πλήρη προετοιμασίαν τῶν ἀστροναυτῶν θὰ ἐπιλεγῇ ὁ πρῶτος ἐξ αὐτῶν ὁ ὁποῖος θὰ πραγματοποιήσῃ τὴν ἱστορικὴν πτῆσιν. Ἡ ἐκπαίδευσις περιλαμβάνει δοκιμὰς εἰς εἰδικὰς συσκευάς.
Τὸ ἀνεκοίνωσεν ὁ ραδιοσταθμὸς τῆς Μόσχας
Η ΡΩΣΙΑ ΘΑ ΕΚΤΟΞΕΥΣΗ ΤΟΝ ΙΟΥΛΙΟΝ ΠΥΡΑΥΛΟΥΣ ΕΙΣ ΤΟΝ ΕΙΡΗΝΙΚΟΝ
Εἶναι ἰσχυροὶ καὶ πολυώροφοι χωρὶς ἐκρηκτικὰς γομώσεις
ΓΙΝΟΝΤΑΙ ΕΠΙΣΤΗΜΟΝΙΚΑΙ ΕΡΕΥΝΑΙ
ΛΟΝΔΙΝΟΝ, 28. (Ἀσσοσ. Πρές).— Ὁ ραδιοφωνικὸς σταθμὸς τῆς Μόσχας ἀνεκοίνωσεν ὅτι ἡ Σοβιετικὴ Ἕνωσις θὰ ἐκτοξεύσῃ κατὰ τὸν Ἰούλιον ἰσχυροὺς πυραύλους εἰς τὸν Εἰρηνικὸν ὠκεανὸν διὰ ἐπιστημονικὰς ἐρεύνας.
Οἱ πύραυλοι θὰ πέσουν εἰς περιοχὴν τοῦ κεντρικοῦ Εἰρηνικοῦ καὶ ἐκαλοῦντο τὰ πλοῖα καὶ τὰ ἀεροσκάφη νὰ ἀποφεύγουν τὴν περιοχήν.
Ο ΠΡΙΓΚΙΨ ΤΟΥ ΜΟΝΑΚΟ ΡΑΝΙΕΡΟΣ ΗΓΝΟΗΘΗ ΥΠΟ ΤΟΥ ΠΕΝΘΕΡΟΥ ΤΟΥ ΚΑΤΑ ΤΗΝ ΣΥΝΤΑΞΙΝ ΤΗΣ ΔΙΑΘΗΚΗΣ
ΦΙΛΑΔΕΛΦΕΙΑ, 28. (Ἀσσ. Πρές).— Ὁ πρίγκιψ τοῦ Μονακὸ Ῥαϊνιέρος δὲν ἀναφέρεται εἰς τὴν διαθήκην τοῦ πενθεροῦ του, ὁ ὁποῖος ἀφῆκε τὴν περιουσίαν του εἰς τὰ τέκνα καὶ τὰ ἐγγόνια του. Ἡ διαθήκη ἐδημοσιεύθη χθές.
ΑΥΞΗΣΙΝ ΚΑΤΑ 1,78 0/0 ΠΑΡΟΥΣΙΑΣΕ ΤΟΝ ΑΠΡΙΛΙΟΝ Ο ΓΕΝΙΚΟΣ ΔΕΙΚΤΗΣ ΒΙΟΜΗΧΑΝΙΚΗΣ ΠΑΡΑΓΩΓΗΣ
ΑΘΗΝΑΙ, 28.— Ὁ γενικὸς δείκτης βιομηχανικῆς παραγωγῆς παρουσίασεν αὔξησιν κατὰ τὸν μῆνα Ἀπρίλιον ἐν συγκρίσει πρὸς τὸν ἀντίστοιχον μῆνα τοῦ παρελθόντος ἔτους.
Ἀπίστευτον, ἀλλὰ ἀληθές!
ΜΙΑ ΠΕΝΤΗΚΟΝΤΑΕΤΙΣ ΜΟΝΑΧΗ ΚΑΙ ΕΙΣ ΓΕΡΩΝ ΗΛΙΚΙΑΣ 78 ΕΤΩΝ ΑΛΛΗΛΟΑΠΗΧΘΗΣΑΝ ΕΙΣ ΧΙΟΝ
Ἐτέλεσαν τοὺς γάμους των εἰς τὰς Ἀθήνας καὶ πίνουν τὸ οὖζο των εἰς τὸ Πασαλιμάνι
ΧΙΟΣ, 28.— Ἡ εἰδησεογραφία τῆς νήσου ἐπλουτίσθη μὲ ἕνα γεγονὸς πρωτοφανὲς διὰ τὰ χρονικὰ τῆς Χίου. Μία μοναχὴ ἡλικίας πεντήκοντα ἐτῶν ἐγκατέλειψε τὸ μοναστήριον καὶ ἐτέλεσε γάμους εἰς τὰς Ἀθήνας μὲ ἕνα γέροντα ἡλικίας ἑβδομήκοντα ὀκτὼ ἐτῶν.
Τὸ ζεῦγος ἐγκατεστάθη εἰς τὸ Πασαλιμάνι ὅπου ζῇ ἡσύχως. Οἱ κάτοικοι τῆς νήσου σχολιάζουν ἐντόνως τὸ γεγονὸς τὸ ὁποῖον προκάλεσε μεγάλην αἴσθησιν. Ἡ μητρόπολις ἐπελήφθη τοῦ θέματος.
